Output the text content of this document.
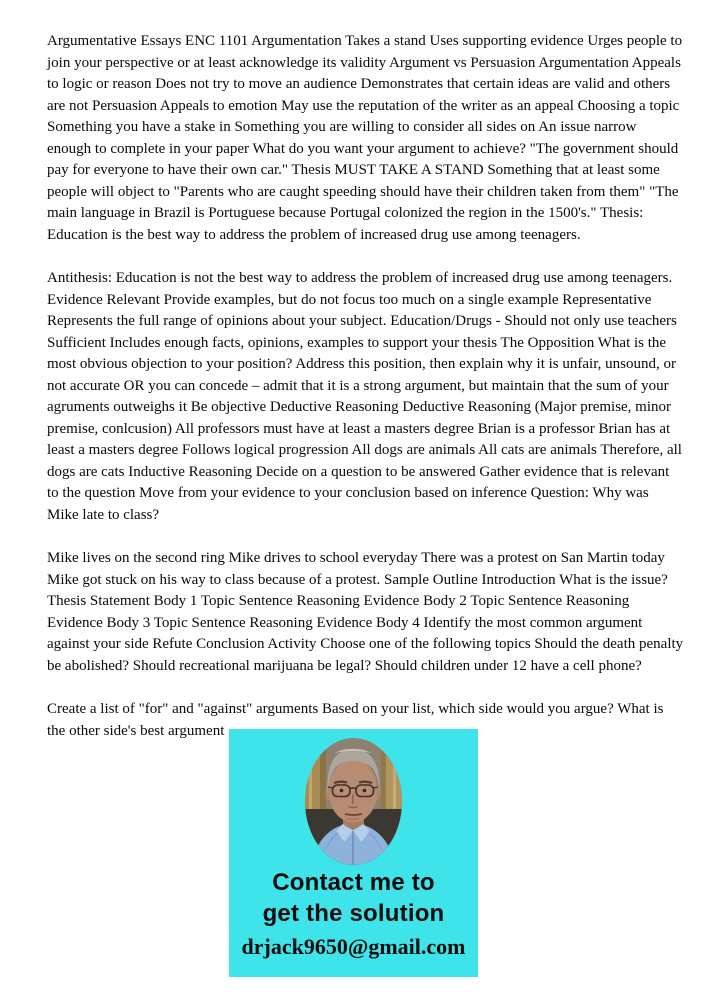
Argumentative Essays ENC 1101 Argumentation Takes a stand Uses supporting evidence Urges people to join your perspective or at least acknowledge its validity Argument vs Persuasion Argumentation Appeals to logic or reason Does not try to move an audience Demonstrates that certain ideas are valid and others are not Persuasion Appeals to emotion May use the reputation of the writer as an appeal Choosing a topic Something you have a stake in Something you are willing to consider all sides on An issue narrow enough to complete in your paper What do you want your argument to achieve? "The government should pay for everyone to have their own car." Thesis MUST TAKE A STAND Something that at least some people will object to "Parents who are caught speeding should have their children taken from them" "The main language in Brazil is Portuguese because Portugal colonized the region in the 1500's." Thesis: Education is the best way to address the problem of increased drug use among teenagers.

Antithesis: Education is not the best way to address the problem of increased drug use among teenagers. Evidence Relevant Provide examples, but do not focus too much on a single example Representative Represents the full range of opinions about your subject. Education/Drugs - Should not only use teachers Sufficient Includes enough facts, opinions, examples to support your thesis The Opposition What is the most obvious objection to your position? Address this position, then explain why it is unfair, unsound, or not accurate OR you can concede – admit that it is a strong argument, but maintain that the sum of your agruments outweighs it Be objective Deductive Reasoning Deductive Reasoning (Major premise, minor premise, conlcusion) All professors must have at least a masters degree Brian is a professor Brian has at least a masters degree Follows logical progression All dogs are animals All cats are animals Therefore, all dogs are cats Inductive Reasoning Decide on a question to be answered Gather evidence that is relevant to the question Move from your evidence to your conclusion based on inference Question: Why was Mike late to class?

Mike lives on the second ring Mike drives to school everyday There was a protest on San Martin today Mike got stuck on his way to class because of a protest. Sample Outline Introduction What is the issue? Thesis Statement Body 1 Topic Sentence Reasoning Evidence Body 2 Topic Sentence Reasoning Evidence Body 3 Topic Sentence Reasoning Evidence Body 4 Identify the most common argument against your side Refute Conclusion Activity Choose one of the following topics Should the death penalty be abolished? Should recreational marijuana be legal? Should children under 12 have a cell phone?

Create a list of "for" and "against" arguments Based on your list, which side would you argue? What is the other side's best argument

Contact me to
get the solution
drjack9650@gmail.com
